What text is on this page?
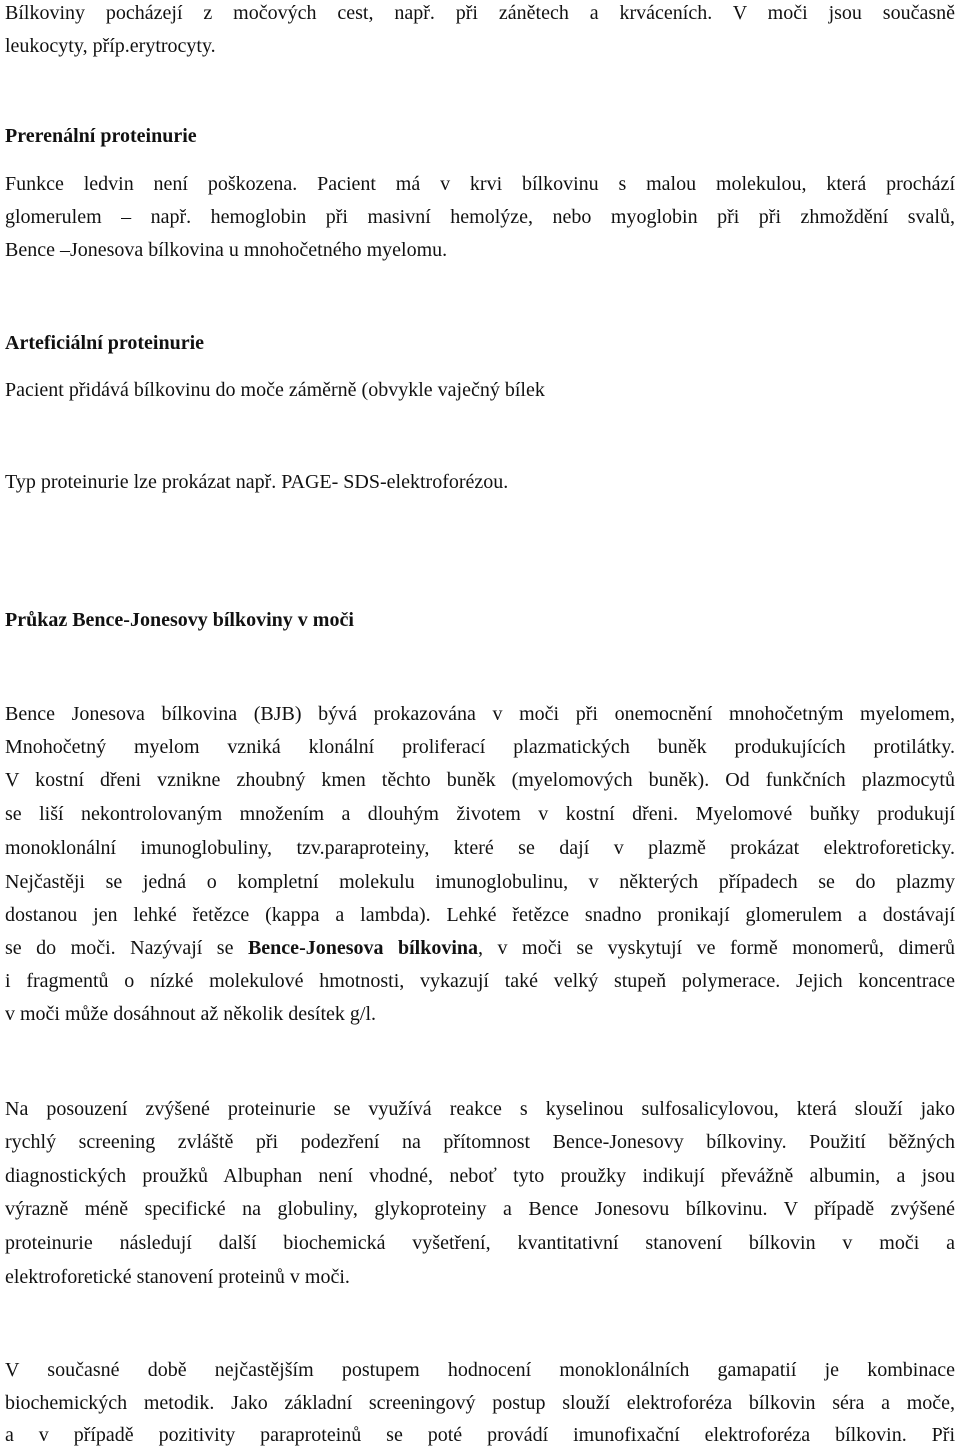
Bílkoviny pocházejí z močových cest, např. při zánětech a krváceních. V moči jsou současně
leukocyty, příp.erytrocyty.
Prerenální proteinurie
Funkce ledvin není poškozena. Pacient má v krvi bílkovinu s malou molekulou, která prochází
glomerulem – např. hemoglobin při masivní hemolýze, nebo myoglobin při při zhmoždění svalů,
Bence –Jonesova bílkovina u mnohočetného myelomu.
Arteficiální proteinurie
Pacient přidává bílkovinu do moče záměrně (obvykle vaječný bílek
Typ proteinurie lze prokázat např. PAGE- SDS-elektroforézou.
Průkaz Bence-Jonesovy bílkoviny v moči
Bence Jonesova bílkovina (BJB) bývá prokazována v moči při onemocnění mnohočetným myelomem,
Mnohočetný myelom vzniká klonální proliferací plazmatických buněk produkujících protilátky.
V kostní dřeni vznikne zhoubný kmen těchto buněk (myelomových buněk). Od funkčních plazmocytů
se liší nekontrolovaným množením a dlouhým životem v kostní dřeni. Myelomové buňky produkují
monoklonální imunoglobuliny, tzv.paraproteiny, které se dají v plazmě prokázat elektroforeticky.
Nejčastěji se jedná o kompletní molekulu imunoglobulinu, v některých případech se do plazmy
dostanou jen lehké řetězce (kappa a lambda). Lehké řetězce snadno pronikají glomerulem a dostávají
se do moči. Nazývají se Bence-Jonesova bílkovina, v moči se vyskytují ve formě monomerů, dimerů
i fragmentů o nízké molekulové hmotnosti, vykazují také velký stupeň polymerace. Jejich koncentrace
v moči může dosáhnout až několik desítek g/l.
Na posouzení zvýšené proteinurie se využívá reakce s kyselinou sulfosalicylovou, která slouží jako
rychlý screening zvláště při podezření na přítomnost Bence-Jonesovy bílkoviny. Použití běžných
diagnostických proužků Albuphan není vhodné, neboť tyto proužky indikují převážně albumin, a jsou
výrazně méně specifické na globuliny, glykoproteiny a Bence Jonesovu bílkovinu. V případě zvýšené
proteinurie následují další biochemická vyšetření, kvantitativní stanovení bílkovin v moči a
elektroforetické stanovení proteinů v moči.
V současné době nejčastějším postupem hodnocení monoklonálních gamapatií je kombinace
biochemických metodik. Jako základní screeningový postup slouží elektroforéza bílkovin séra a moče,
a v případě pozitivity paraproteinů se poté provádí imunofixační elektroforéza bílkovin. Při
